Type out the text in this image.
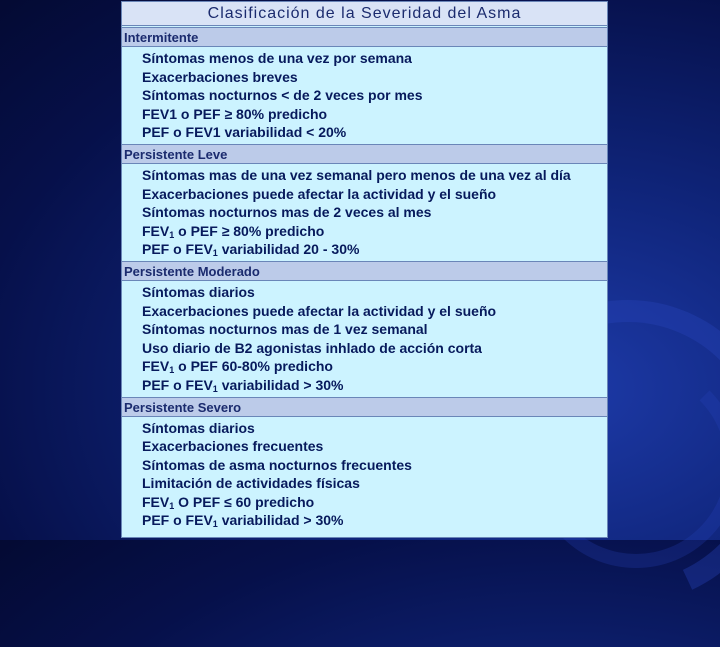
Clasificación de la Severidad del Asma
Intermitente
Síntomas menos de una vez por semana
Exacerbaciones breves
Síntomas nocturnos < de 2 veces por mes
FEV1 o PEF ≥ 80% predicho
PEF o FEV1 variabilidad < 20%
Persistente Leve
Síntomas mas de una vez semanal pero menos de una vez al día
Exacerbaciones puede afectar la actividad y el sueño
Síntomas nocturnos mas de 2 veces al mes
$FEV_1$ o PEF ≥ 80% predicho
PEF o $FEV_1$ variabilidad 20 - 30%
Persistente Moderado
Síntomas diarios
Exacerbaciones puede afectar la actividad y el sueño
Síntomas nocturnos mas de 1 vez semanal
Uso diario de B2 agonistas inhlado de acción corta
$FEV_1$ o PEF 60-80% predicho
PEF o $FEV_1$ variabilidad > 30%
Persistente Severo
Síntomas diarios
Exacerbaciones frecuentes
Síntomas de asma nocturnos frecuentes
Limitación de actividades físicas
$FEV_1$ O PEF ≤ 60 predicho
PEF o $FEV_1$ variabilidad > 30%
